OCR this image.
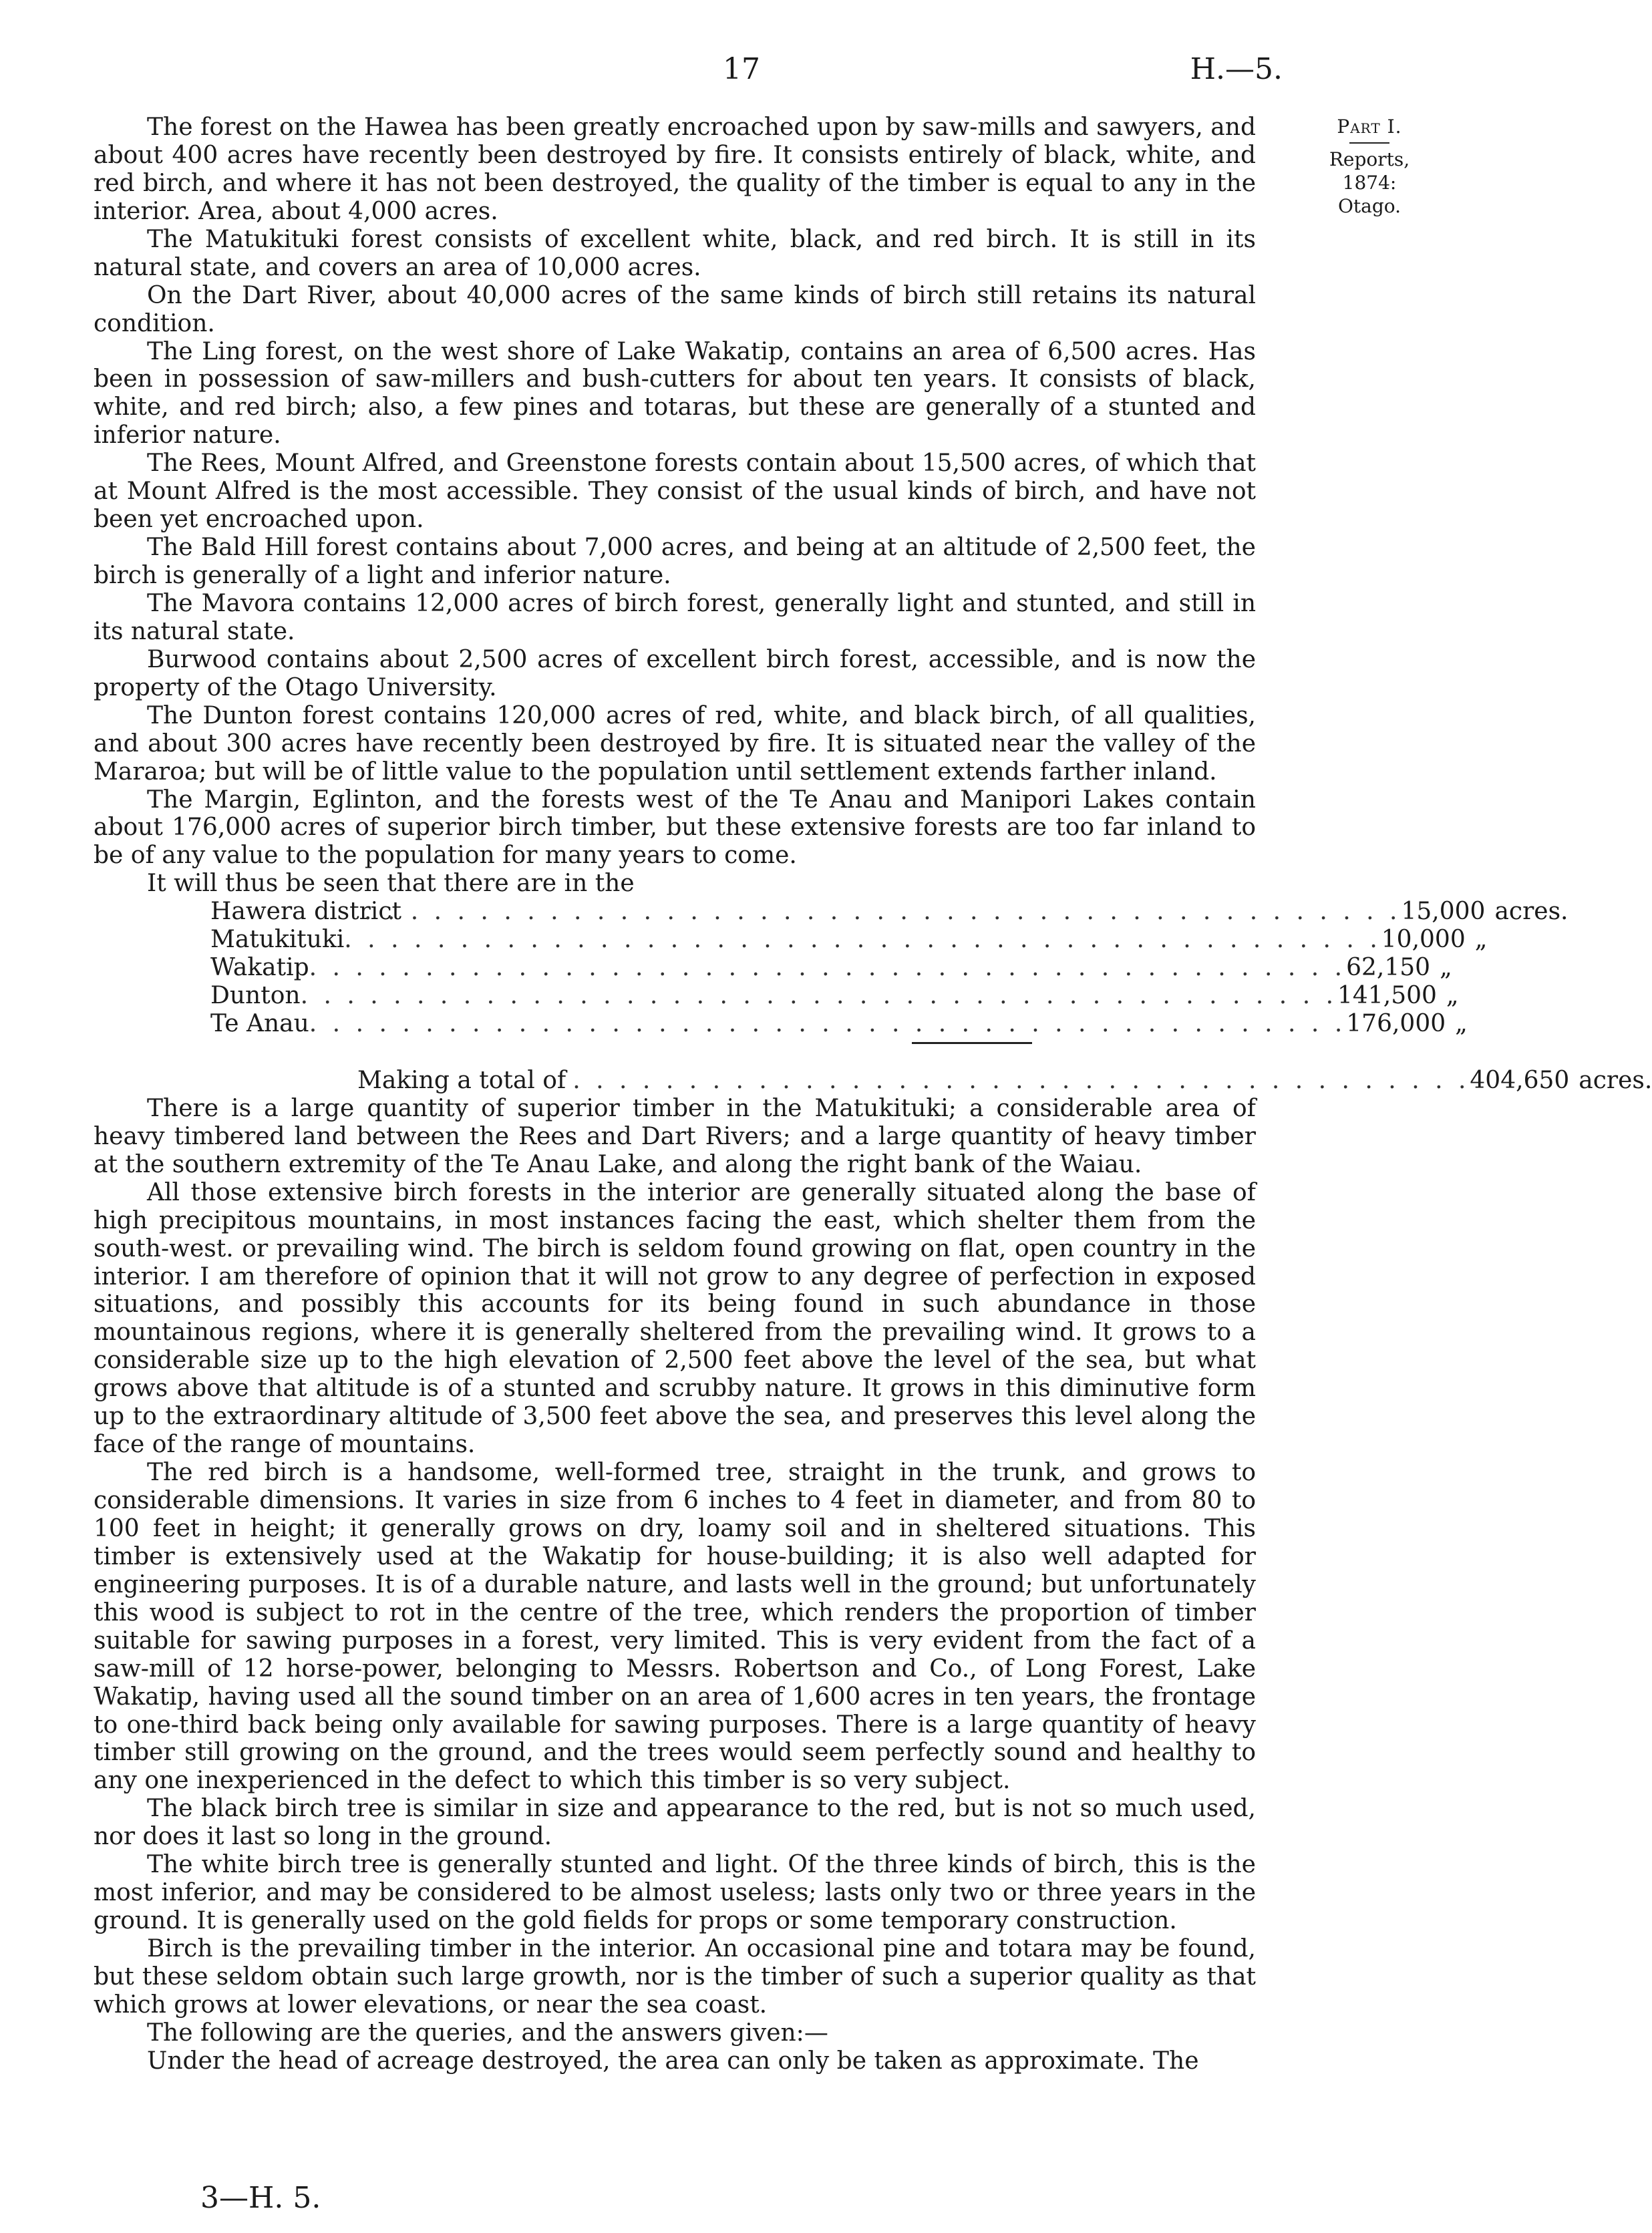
17	H.—5.
Part I.
Reports, 1874:
Otago.

The forest on the Hawea has been greatly encroached upon by saw-mills and sawyers, and about 400 acres have recently been destroyed by fire. It consists entirely of black, white, and red birch, and where it has not been destroyed, the quality of the timber is equal to any in the interior. Area, about 4,000 acres.

The Matukituki forest consists of excellent white, black, and red birch. It is still in its natural state, and covers an area of 10,000 acres.

On the Dart River, about 40,000 acres of the same kinds of birch still retains its natural condition.

The Ling forest, on the west shore of Lake Wakatip, contains an area of 6,500 acres. Has been in possession of saw-millers and bush-cutters for about ten years. It consists of black, white, and red birch; also, a few pines and totaras, but these are generally of a stunted and inferior nature.

The Rees, Mount Alfred, and Greenstone forests contain about 15,500 acres, of which that at Mount Alfred is the most accessible. They consist of the usual kinds of birch, and have not been yet encroached upon.

The Bald Hill forest contains about 7,000 acres, and being at an altitude of 2,500 feet, the birch is generally of a light and inferior nature.

The Mavora contains 12,000 acres of birch forest, generally light and stunted, and still in its natural state.

Burwood contains about 2,500 acres of excellent birch forest, accessible, and is now the property of the Otago University.

The Dunton forest contains 120,000 acres of red, white, and black birch, of all qualities, and about 300 acres have recently been destroyed by fire. It is situated near the valley of the Mararoa; but will be of little value to the population until settlement extends farther inland.

The Margin, Eglinton, and the forests west of the Te Anau and Manipori Lakes contain about 176,000 acres of superior birch timber, but these extensive forests are too far inland to be of any value to the population for many years to come.

It will thus be seen that there are in the

Hawera district
. . . . . . . . . . . . . . . . . . . . . . . . . . . . . . . . . . . . . . . . . . . . . 15,000 acres.
Matukituki . . . . . . . . . . . . . . . . . . . . . . . . . . . . . . . . . . . . . . . . . . . . . 10,000 „
Wakatip . . . . . . . . . . . . . . . . . . . . . . . . . . . . . . . . . . . . . . . . . . . . . 62,150 „
Dunton . . . . . . . . . . . . . . . . . . . . . . . . . . . . . . . . . . . . . . . . . . . . . 141,500 „
Te Anau . . . . . . . . . . . . . . . . . . . . . . . . . . . . . . . . . . . . . . . . . . . . . 176,000 „
Making a total of . . . . . . . . . . . . . . . . . . . . . . . . . . . . . . . . . . . . . . . 404,650 acres.

There is a large quantity of superior timber in the Matukituki; a considerable area of heavy timbered land between the Rees and Dart Rivers; and a large quantity of heavy timber at the southern extremity of the Te Anau Lake, and along the right bank of the Waiau.

All those extensive birch forests in the interior are generally situated along the base of high precipitous mountains, in most instances facing the east, which shelter them from the south-west. or prevailing wind. The birch is seldom found growing on flat, open country in the interior. I am therefore of opinion that it will not grow to any degree of perfection in exposed situations, and possibly this accounts for its being found in such abundance in those mountainous regions, where it is generally sheltered from the prevailing wind. It grows to a considerable size up to the high elevation of 2,500 feet above the level of the sea, but what grows above that altitude is of a stunted and scrubby nature. It grows in this diminutive form up to the extraordinary altitude of 3,500 feet above the sea, and preserves this level along the face of the range of mountains.

The red birch is a handsome, well-formed tree, straight in the trunk, and grows to considerable dimensions. It varies in size from 6 inches to 4 feet in diameter, and from 80 to 100 feet in height; it generally grows on dry, loamy soil and in sheltered situations. This timber is extensively used at the Wakatip for house-building; it is also well adapted for engineering purposes. It is of a durable nature, and lasts well in the ground; but unfortunately this wood is subject to rot in the centre of the tree, which renders the proportion of timber suitable for sawing purposes in a forest, very limited. This is very evident from the fact of a saw-mill of 12 horse-power, belonging to Messrs. Robertson and Co., of Long Forest, Lake Wakatip, having used all the sound timber on an area of 1,600 acres in ten years, the frontage to one-third back being only available for sawing purposes. There is a large quantity of heavy timber still growing on the ground, and the trees would seem perfectly sound and healthy to any one inexperienced in the defect to which this timber is so very subject.

The black birch tree is similar in size and appearance to the red, but is not so much used, nor does it last so long in the ground.

The white birch tree is generally stunted and light. Of the three kinds of birch, this is the most inferior, and may be considered to be almost useless; lasts only two or three years in the ground. It is generally used on the gold fields for props or some temporary construction.

Birch is the prevailing timber in the interior. An occasional pine and totara may be found, but these seldom obtain such large growth, nor is the timber of such a superior quality as that which grows at lower elevations, or near the sea coast.

The following are the queries, and the answers given:—

Under the head of acreage destroyed, the area can only be taken as approximate. The

3—H. 5.
